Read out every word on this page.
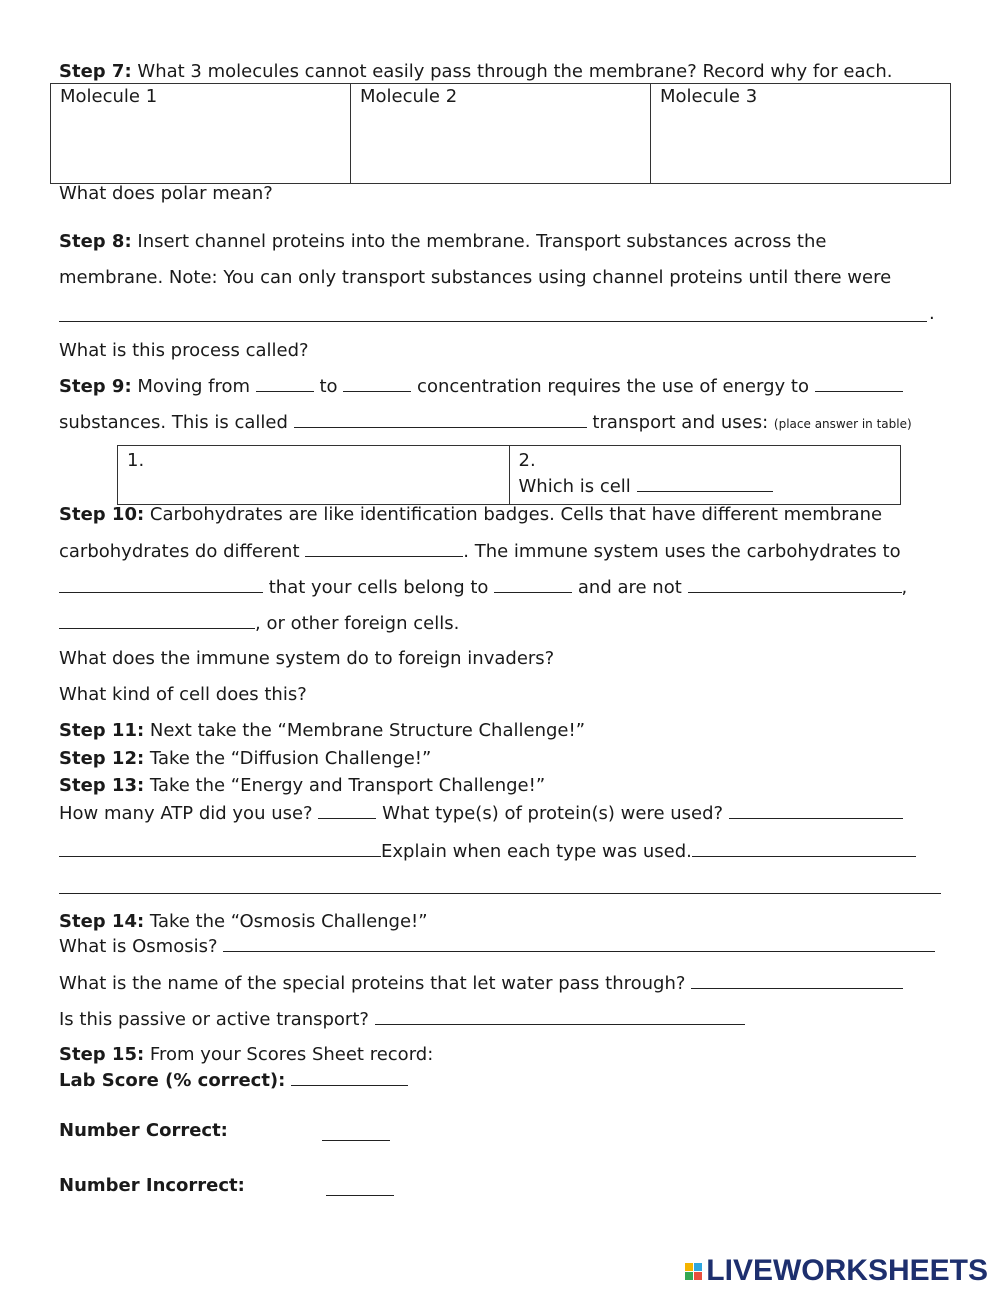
Step 7: What 3 molecules cannot easily pass through the membrane? Record why for each.
Molecule 1	Molecule 2	Molecule 3
What does polar mean?
Step 8: Insert channel proteins into the membrane. Transport substances across the
membrane. Note: You can only transport substances using channel proteins until there were
.
What is this process called?
Step 9: Moving from	to	concentration requires the use of energy to
substances. This is called	transport and uses: (place answer in table)
1.	2.
Which is cell
Step 10: Carbohydrates are like identification badges. Cells that have different membrane
carbohydrates do different	. The immune system uses the carbohydrates to
that your cells belong to	and are not	,
, or other foreign cells.
What does the immune system do to foreign invaders?
What kind of cell does this?
Step 11: Next take the “Membrane Structure Challenge!”
Step 12: Take the “Diffusion Challenge!”
Step 13: Take the “Energy and Transport Challenge!”
How many ATP did you use?	What type(s) of protein(s) were used?
Explain when each type was used.
Step 14: Take the “Osmosis Challenge!”
What is Osmosis?
What is the name of the special proteins that let water pass through?
Is this passive or active transport?
Step 15: From your Scores Sheet record:
Lab Score (% correct):
Number Correct:
Number Incorrect:
LIVEWORKSHEETS
